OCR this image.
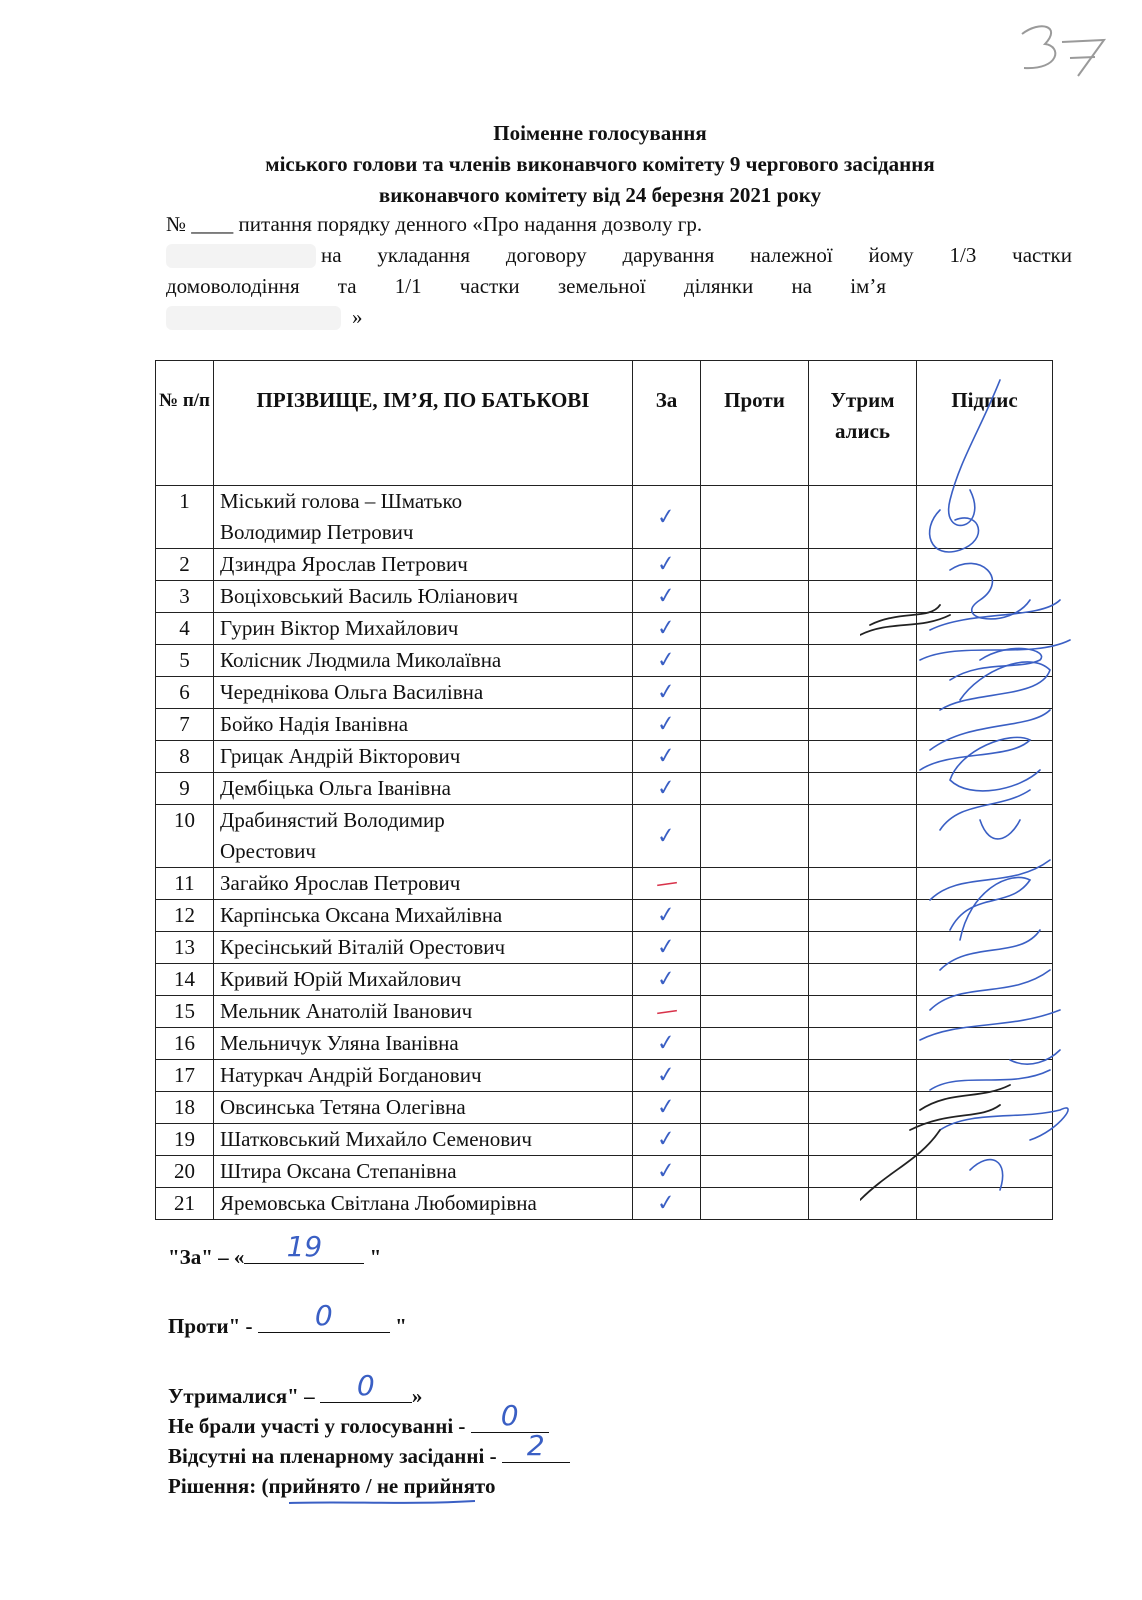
Поіменне голосування
міського голови та членів виконавчого комітету 9 чергового засідання
виконавчого комітету від 24 березня 2021 року
№ ____ питання порядку денного «Про надання дозволу гр.
на укладання договору дарування належної йому 1/3 частки
домоволодіння та 1/1 частки земельної ділянки на ім’я
»
№ п/п	ПРІЗВИЩЕ, ІМ’Я, ПО БАТЬКОВІ	За	Проти	Утрим ались	Підпис
1	Міський голова – Шматько
Володимир Петрович	✓			
2	Дзиндра Ярослав Петрович	✓			
3	Воціховський Василь Юліанович	✓			
4	Гурин Віктор Михайлович	✓			
5	Колісник Людмила Миколаївна	✓			
6	Череднікова Ольга Василівна	✓			
7	Бойко Надія Іванівна	✓			
8	Грицак Андрій Вікторович	✓			
9	Дембіцька Ольга Іванівна	✓			
10	Драбинястий Володимир
Орестович	✓			
11	Загайко Ярослав Петрович	—			
12	Карпінська Оксана Михайлівна	✓			
13	Кресінський Віталій Орестович	✓			
14	Кривий Юрій Михайлович	✓			
15	Мельник Анатолій Іванович	—			
16	Мельничук Уляна Іванівна	✓			
17	Натуркач Андрій Богданович	✓			
18	Овсинська Тетяна Олегівна	✓			
19	Шатковський Михайло Семенович	✓			
20	Штира Оксана Степанівна	✓			
21	Яремовська Світлана Любомирівна	✓			
"За" – «	19	"
Проти" -	0	"
Утрималися" –	0	»
Не брали участі у голосуванні -	0
Відсутні на пленарному засіданні - 2
Рішення: (прийнято / не прийнято
